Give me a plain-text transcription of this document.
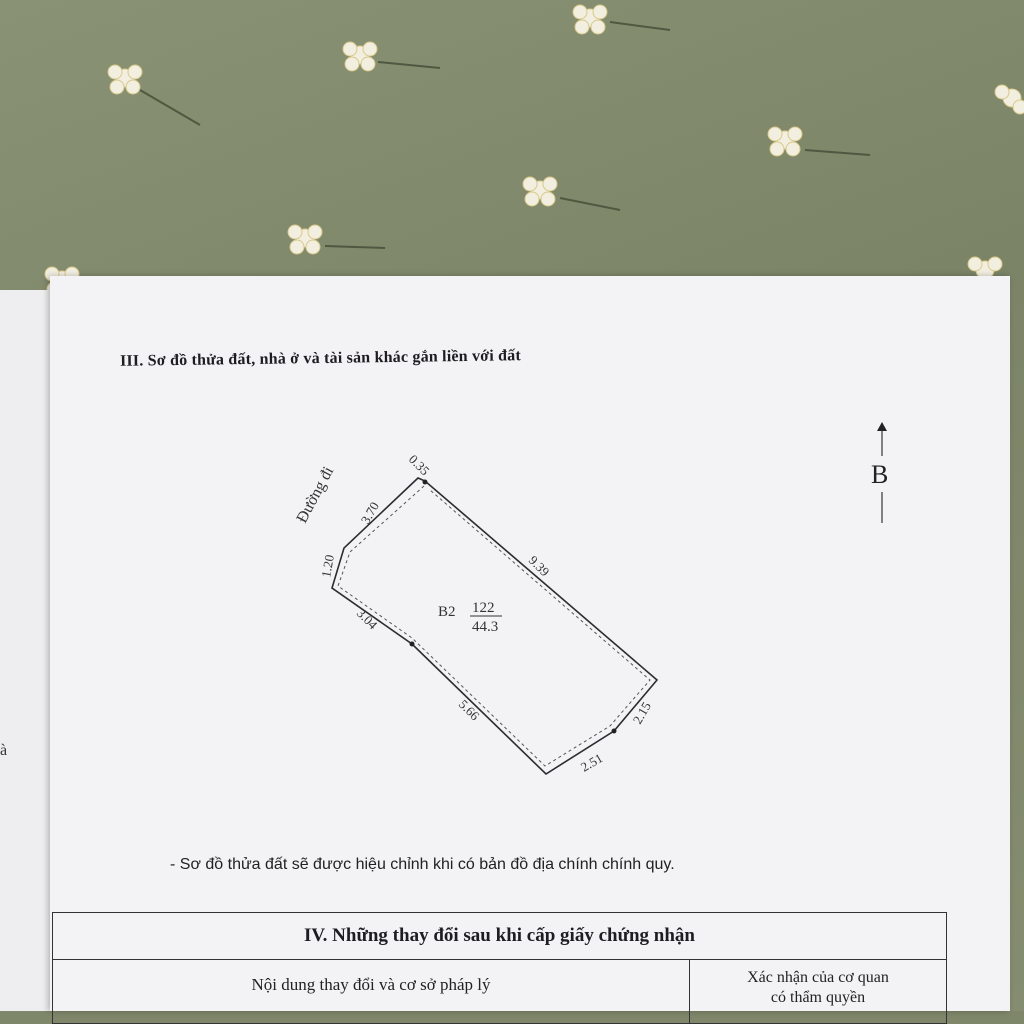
à
III. Sơ đồ thửa đất, nhà ở và tài sản khác gắn liền với đất
Đường đi	0.35
3.70
1.20	9.39
3.04
5.66	2.15
2.51
B2 122
44.3
B
- Sơ đồ thửa đất sẽ được hiệu chỉnh khi có bản đồ địa chính chính quy.
IV. Những thay đổi sau khi cấp giấy chứng nhận
Nội dung thay đổi và cơ sở pháp lý	Xác nhận của cơ quan
có thẩm quyền
